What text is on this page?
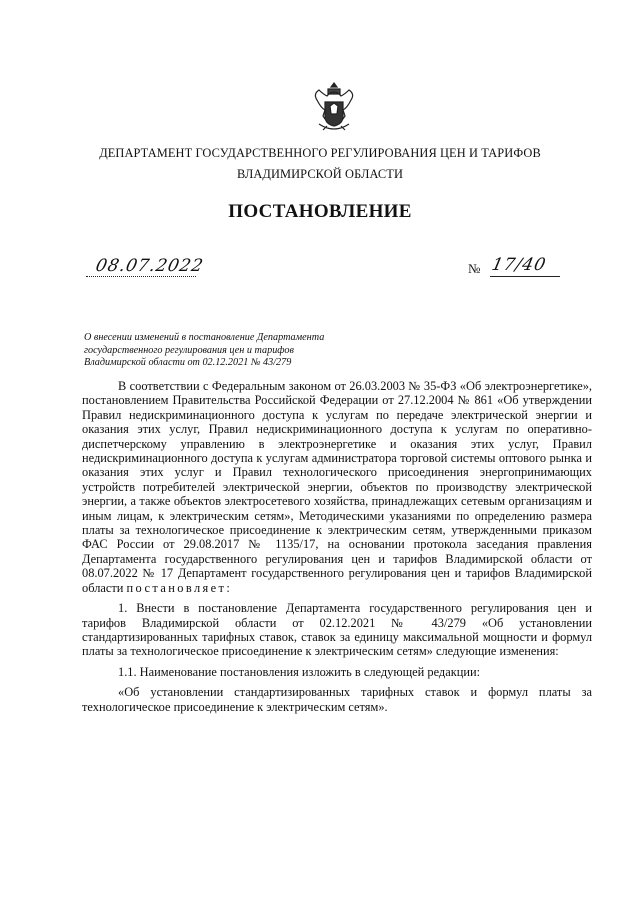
ДЕПАРТАМЕНТ ГОСУДАРСТВЕННОГО РЕГУЛИРОВАНИЯ ЦЕН И ТАРИФОВ
ВЛАДИМИРСКОЙ ОБЛАСТИ
ПОСТАНОВЛЕНИЕ
08.07.2022	№ 17/40
О внесении изменений в постановление Департамента
государственного регулирования цен и тарифов
Владимирской области от 02.12.2021 № 43/279

В соответствии с Федеральным законом от 26.03.2003 № 35-ФЗ «Об электроэнергетике», постановлением Правительства Российской Федерации от 27.12.2004 № 861 «Об утверждении Правил недискриминационного доступа к услугам по передаче электрической энергии и оказания этих услуг, Правил недискриминационного доступа к услугам по оперативно-диспетчерскому управлению в электроэнергетике и оказания этих услуг, Правил недискриминационного доступа к услугам администратора торговой системы оптового рынка и оказания этих услуг и Правил технологического присоединения энергопринимающих устройств потребителей электрической энергии, объектов по производству электрической энергии, а также объектов электросетевого хозяйства, принадлежащих сетевым организациям и иным лицам, к электрическим сетям», Методическими указаниями по определению размера платы за технологическое присоединение к электрическим сетям, утвержденными приказом ФАС России от 29.08.2017 № 1135/17, на основании протокола заседания правления Департамента государственного регулирования цен и тарифов Владимирской области от 08.07.2022 № 17 Департамент государственного регулирования цен и тарифов Владимирской области постановляет:

1. Внести в постановление Департамента государственного регулирования цен и тарифов Владимирской области от 02.12.2021 № 43/279 «Об установлении стандартизированных тарифных ставок, ставок за единицу максимальной мощности и формул платы за технологическое присоединение к электрическим сетям» следующие изменения:

1.1. Наименование постановления изложить в следующей редакции:

«Об установлении стандартизированных тарифных ставок и формул платы за технологическое присоединение к электрическим сетям».
